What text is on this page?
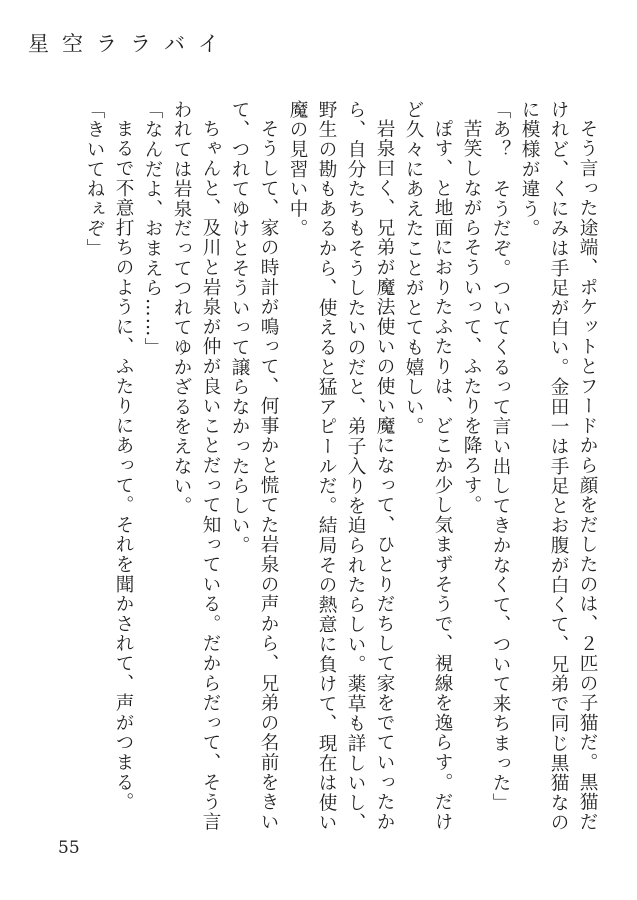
星空ララバイ

そう言った途端、ポケットとフードから顔をだしたのは、２匹の子猫だ。黒猫だけれど、くにみは手足が白い。金田一は手足とお腹が白くて、兄弟で同じ黒猫なのに模様が違う。

「あ？　そうだぞ。ついてくるって言い出してきかなくて、ついて来ちまった」

苦笑しながらそういって、ふたりを降ろす。

ぽす、と地面におりたふたりは、どこか少し気まずそうで、視線を逸らす。だけど久々にあえたことがとても嬉しい。

岩泉曰く、兄弟が魔法使いの使い魔になって、ひとりだちして家をでていったから、自分たちもそうしたいのだと、弟子入りを迫られたらしい。薬草も詳しいし、野生の勘もあるから、使えると猛アピールだ。結局その熱意に負けて、現在は使い魔の見習い中。

そうして、家の時計が鳴って、何事かと慌てた岩泉の声から、兄弟の名前をきいて、つれてゆけとそういって譲らなかったらしい。

ちゃんと、及川と岩泉が仲が良いことだって知っている。だからだって、そう言われては岩泉だってつれてゆかざるをえない。

「なんだよ、おまえら……」

まるで不意打ちのように、ふたりにあって。それを聞かされて、声がつまる。

「きいてねぇぞ」

55
